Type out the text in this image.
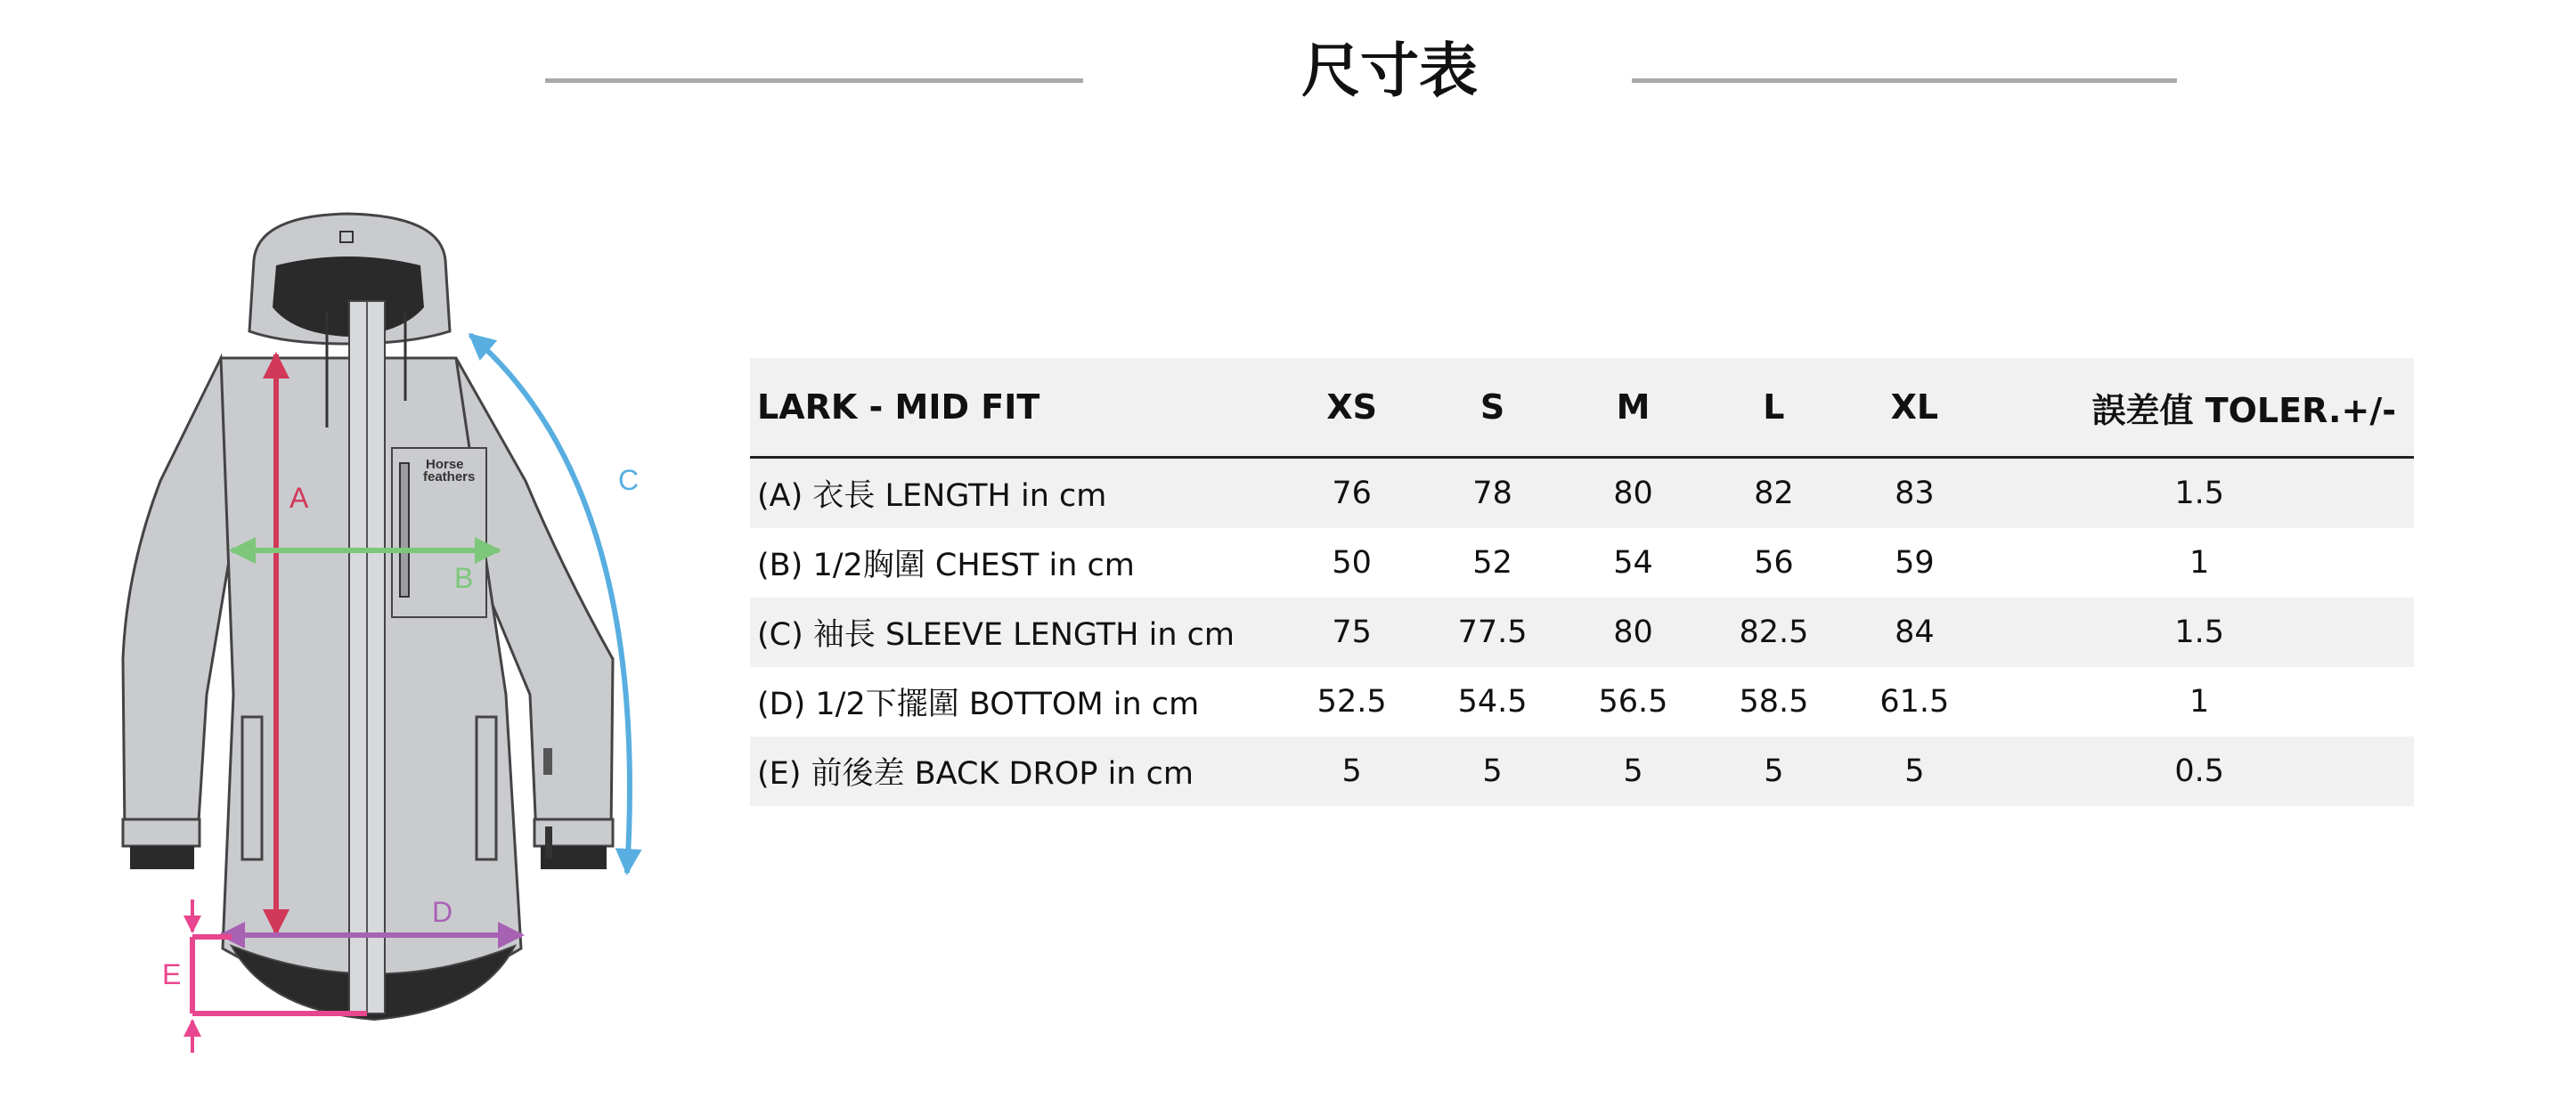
尺寸表
Horse
feathers
A
B
C
D
E
LARK - MID FIT	XS	S	M	L	XL	誤差值 TOLER.+/-
(A) 衣長 LENGTH in cm	76	78	80	82	83	1.5
(B) 1/2胸圍 CHEST in cm	50	52	54	56	59	1
(C) 袖長 SLEEVE LENGTH in cm	75	77.5	80	82.5	84	1.5
(D) 1/2下擺圍 BOTTOM in cm	52.5	54.5	56.5	58.5	61.5	1
(E) 前後差 BACK DROP in cm	5	5	5	5	5	0.5
